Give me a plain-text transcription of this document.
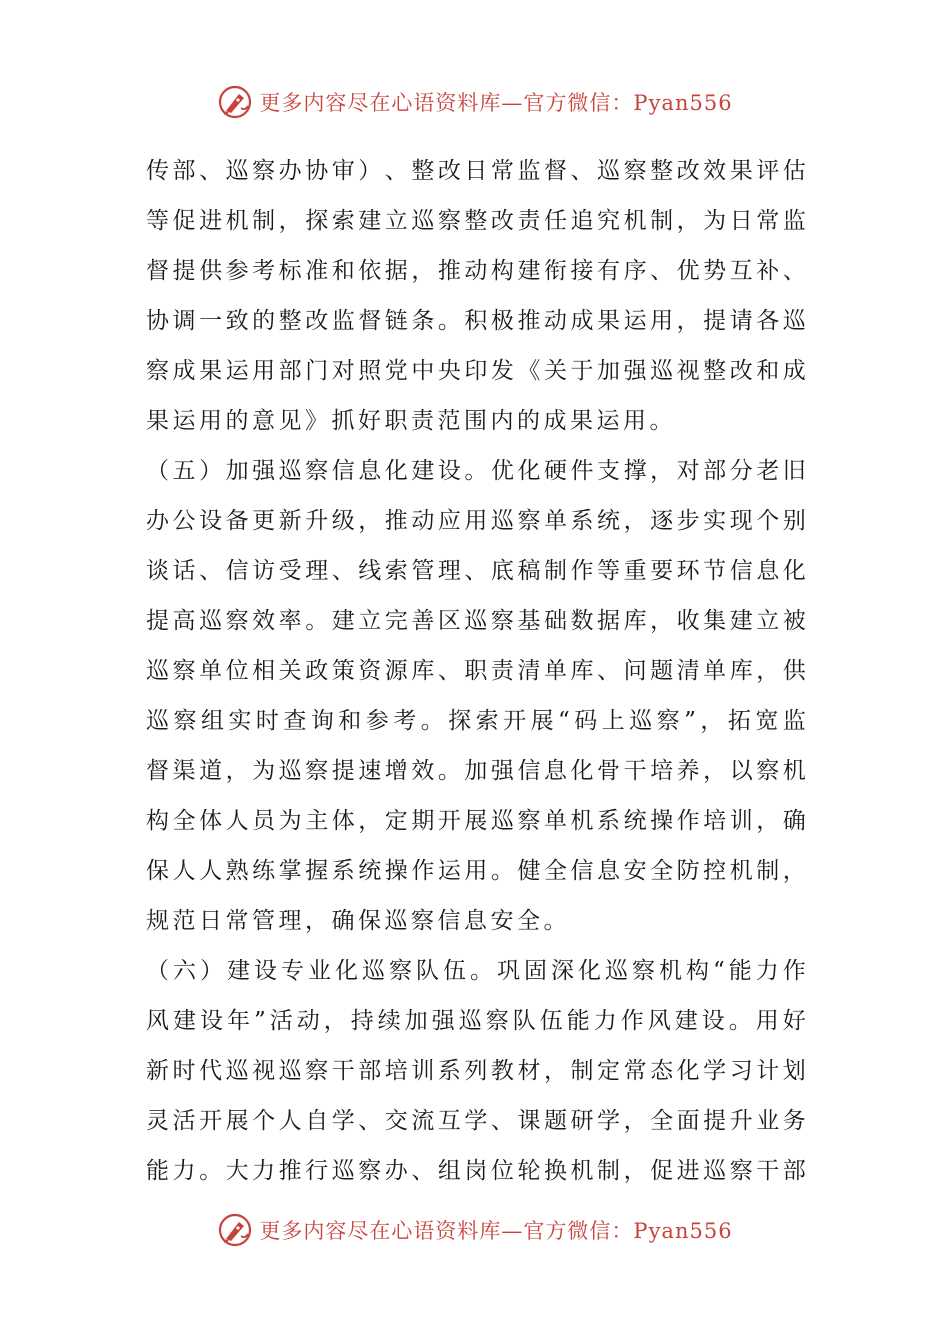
更多内容尽在心语资料库—官方微信：Pyan556
传 部 、 巡 察 办 协 审 ） 、 整 改 日 常 监 督 、 巡 察 整 改 效 果 评 估
等 促 进 机 制 ， 探 索 建 立 巡 察 整 改 责 任 追 究 机 制 ， 为 日 常 监
督 提 供 参 考 标 准 和 依 据 ， 推 动 构 建 衔 接 有 序 、 优 势 互 补 、
协 调 一 致 的 整 改 监 督 链 条 。 积 极 推 动 成 果 运 用 ， 提 请 各 巡
察 成 果 运 用 部 门 对 照 党 中 央 印 发 《 关 于 加 强 巡 视 整 改 和 成
果运用的意见》抓好职责范围内的成果运用。
（ 五 ） 加 强 巡 察 信 息 化 建 设 。 优 化 硬 件 支 撑 ， 对 部 分 老 旧
办 公 设 备 更 新 升 级 ， 推 动 应 用 巡 察 单 系 统 ， 逐 步 实 现 个 别
谈 话 、 信 访 受 理 、 线 索 管 理 、 底 稿 制 作 等 重 要 环 节 信 息 化
提 高 巡 察 效 率 。 建 立 完 善 区 巡 察 基 础 数 据 库 ， 收 集 建 立 被
巡 察 单 位 相 关 政 策 资 源 库 、 职 责 清 单 库 、 问 题 清 单 库 ， 供
巡 察 组 实 时 查 询 和 参 考 。 探 索 开 展 “ 码 上 巡 察 ” ， 拓 宽 监
督 渠 道 ， 为 巡 察 提 速 增 效 。 加 强 信 息 化 骨 干 培 养 ， 以 察 机
构 全 体 人 员 为 主 体 ， 定 期 开 展 巡 察 单 机 系 统 操 作 培 训 ， 确
保 人 人 熟 练 掌 握 系 统 操 作 运 用 。 健 全 信 息 安 全 防 控 机 制 ，
规范日常管理，确保巡察信息安全。
（ 六 ） 建 设 专 业 化 巡 察 队 伍 。 巩 固 深 化 巡 察 机 构 “ 能 力 作
风 建 设 年 ” 活 动 ， 持 续 加 强 巡 察 队 伍 能 力 作 风 建 设 。 用 好
新 时 代 巡 视 巡 察 干 部 培 训 系 列 教 材 ， 制 定 常 态 化 学 习 计 划
灵 活 开 展 个 人 自 学 、 交 流 互 学 、 课 题 研 学 ， 全 面 提 升 业 务
能 力 。 大 力 推 行 巡 察 办 、 组 岗 位 轮 换 机 制 ， 促 进 巡 察 干 部
更多内容尽在心语资料库—官方微信：Pyan556
